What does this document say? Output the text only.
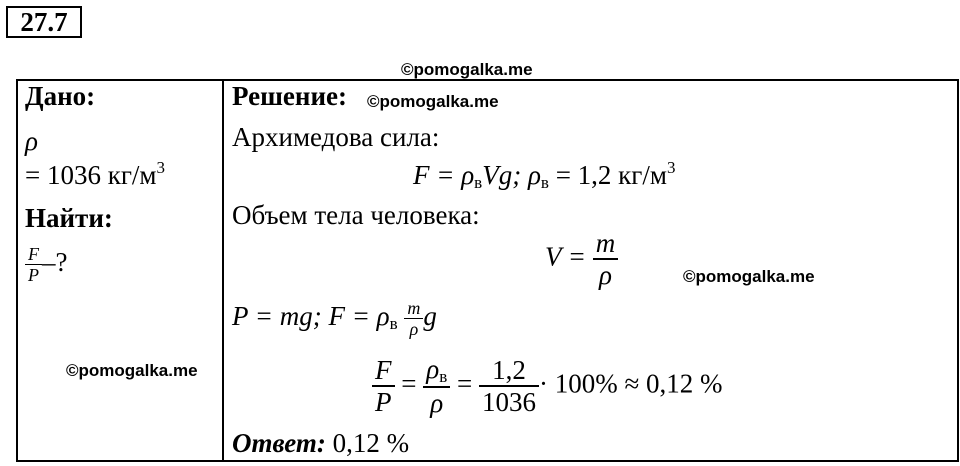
27.7
©pomogalka.me
Дано:
ρ
= 1036 $кг/м^3$
Найти:
$\frac{F}{P}$ –?
©pomogalka.me
Решение: ©pomogalka.me
Архимедова сила:
$F = \rho_вVg$; $\rho_в = 1,2$ $кг/м^3$
Объем тела человека:
$V = \frac{m}{\rho}$	©pomogalka.me
P = mg; $F = \rho_в \frac{m}{\rho}$ g
$\frac{F}{P} = \frac{\rho_в}{\rho} = \frac{1,2}{1036} \cdot 100\% \approx 0,12$ %
Ответ: 0,12 %
